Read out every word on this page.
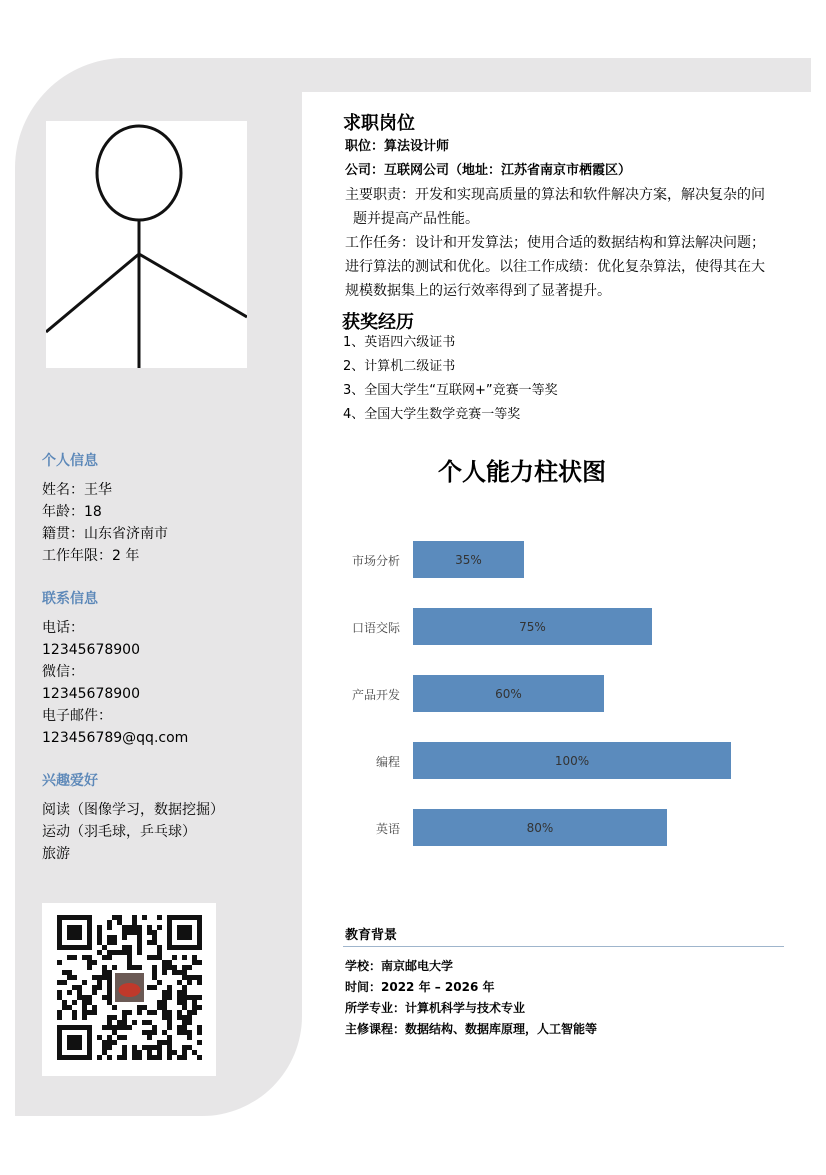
个人信息
姓名：王华
年龄：18
籍贯：山东省济南市
工作年限：2 年
联系信息
电话：
12345678900
微信：
12345678900
电子邮件：
123456789@qq.com
兴趣爱好
阅读（图像学习，数据挖掘）
运动（羽毛球，乒乓球）
旅游
求职岗位
职位：算法设计师
公司：互联网公司（地址：江苏省南京市栖霞区）
主要职责：开发和实现高质量的算法和软件解决方案，解决复杂的问
题并提高产品性能。
工作任务：设计和开发算法；使用合适的数据结构和算法解决问题；
进行算法的测试和优化。以往工作成绩：优化复杂算法，使得其在大
规模数据集上的运行效率得到了显著提升。
获奖经历
1、英语四六级证书
2、计算机二级证书
3、全国大学生“互联网+”竞赛一等奖
4、全国大学生数学竞赛一等奖
个人能力柱状图
市场分析	35%
口语交际	75%
产品开发	60%
编程	100%
英语	80%
教育背景
学校：南京邮电大学
时间：2022 年 – 2026 年
所学专业：计算机科学与技术专业
主修课程：数据结构、数据库原理，人工智能等
